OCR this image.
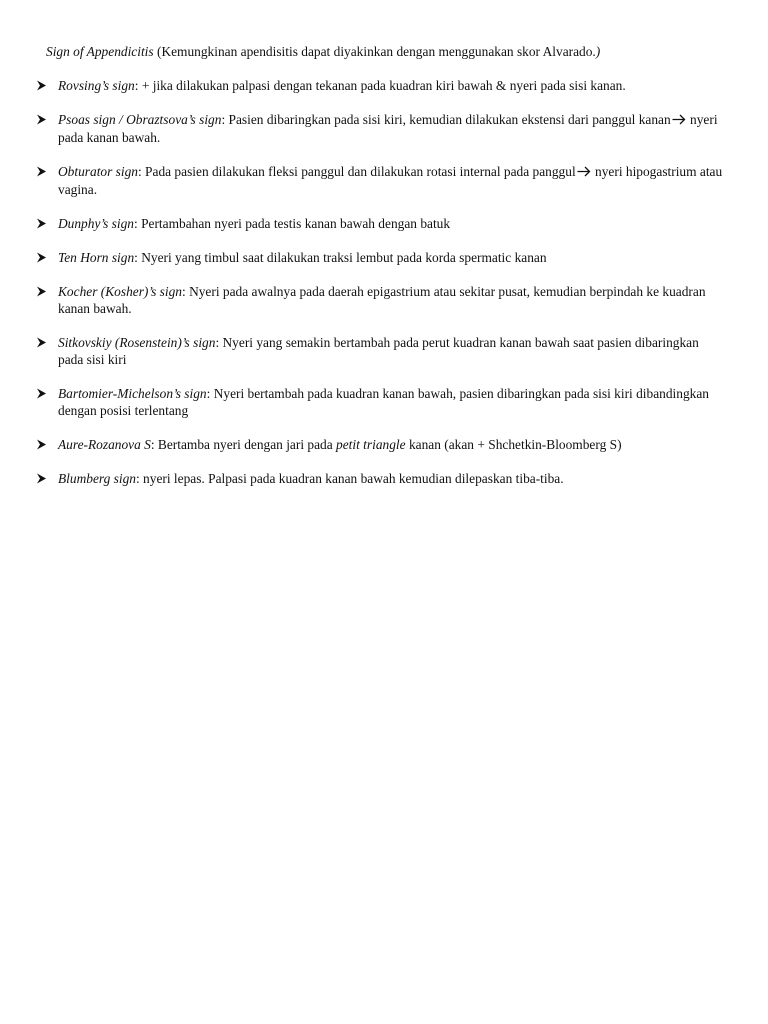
Sign of Appendicitis (Kemungkinan apendisitis dapat diyakinkan dengan menggunakan skor Alvarado.)
Rovsing’s sign: + jika dilakukan palpasi dengan tekanan pada kuadran kiri bawah & nyeri pada sisi kanan.
Psoas sign / Obraztsova’s sign: Pasien dibaringkan pada sisi kiri, kemudian dilakukan ekstensi dari panggul kanan nyeri pada kanan bawah.
Obturator sign: Pada pasien dilakukan fleksi panggul dan dilakukan rotasi internal pada panggul nyeri hipogastrium atau vagina.
Dunphy’s sign: Pertambahan nyeri pada testis kanan bawah dengan batuk
Ten Horn sign: Nyeri yang timbul saat dilakukan traksi lembut pada korda spermatic kanan
Kocher (Kosher)’s sign: Nyeri pada awalnya pada daerah epigastrium atau sekitar pusat, kemudian berpindah ke kuadran kanan bawah.
Sitkovskiy (Rosenstein)’s sign: Nyeri yang semakin bertambah pada perut kuadran kanan bawah saat pasien dibaringkan pada sisi kiri
Bartomier-Michelson’s sign: Nyeri bertambah pada kuadran kanan bawah, pasien dibaringkan pada sisi kiri dibandingkan dengan posisi terlentang
Aure-Rozanova S: Bertamba nyeri dengan jari pada petit triangle kanan (akan + Shchetkin-Bloomberg S)
Blumberg sign: nyeri lepas. Palpasi pada kuadran kanan bawah kemudian dilepaskan tiba-tiba.
